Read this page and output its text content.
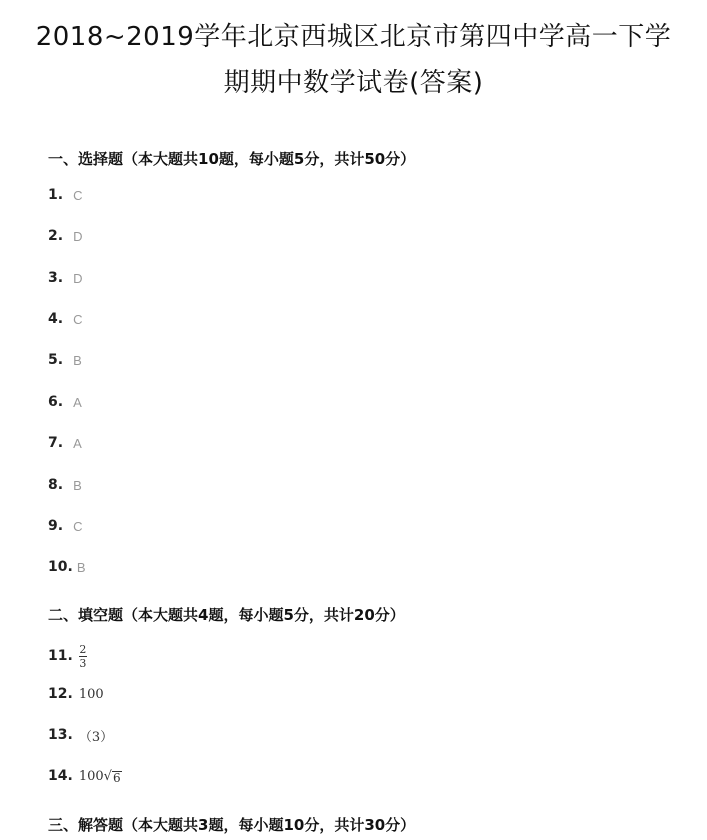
2018~2019学年北京西城区北京市第四中学高一下学
期期中数学试卷(答案)
一、选择题（本大题共10题，每小题5分，共计50分）
1. C
2. D
3. D
4. C
5. B
6. A
7. A
8. B
9. C
10. B
二、填空题（本大题共4题，每小题5分，共计20分）
11. $\frac{2}{3}$
12. 100
13. （3）
14. 100 √ 6
三、解答题（本大题共3题，每小题10分，共计30分）
